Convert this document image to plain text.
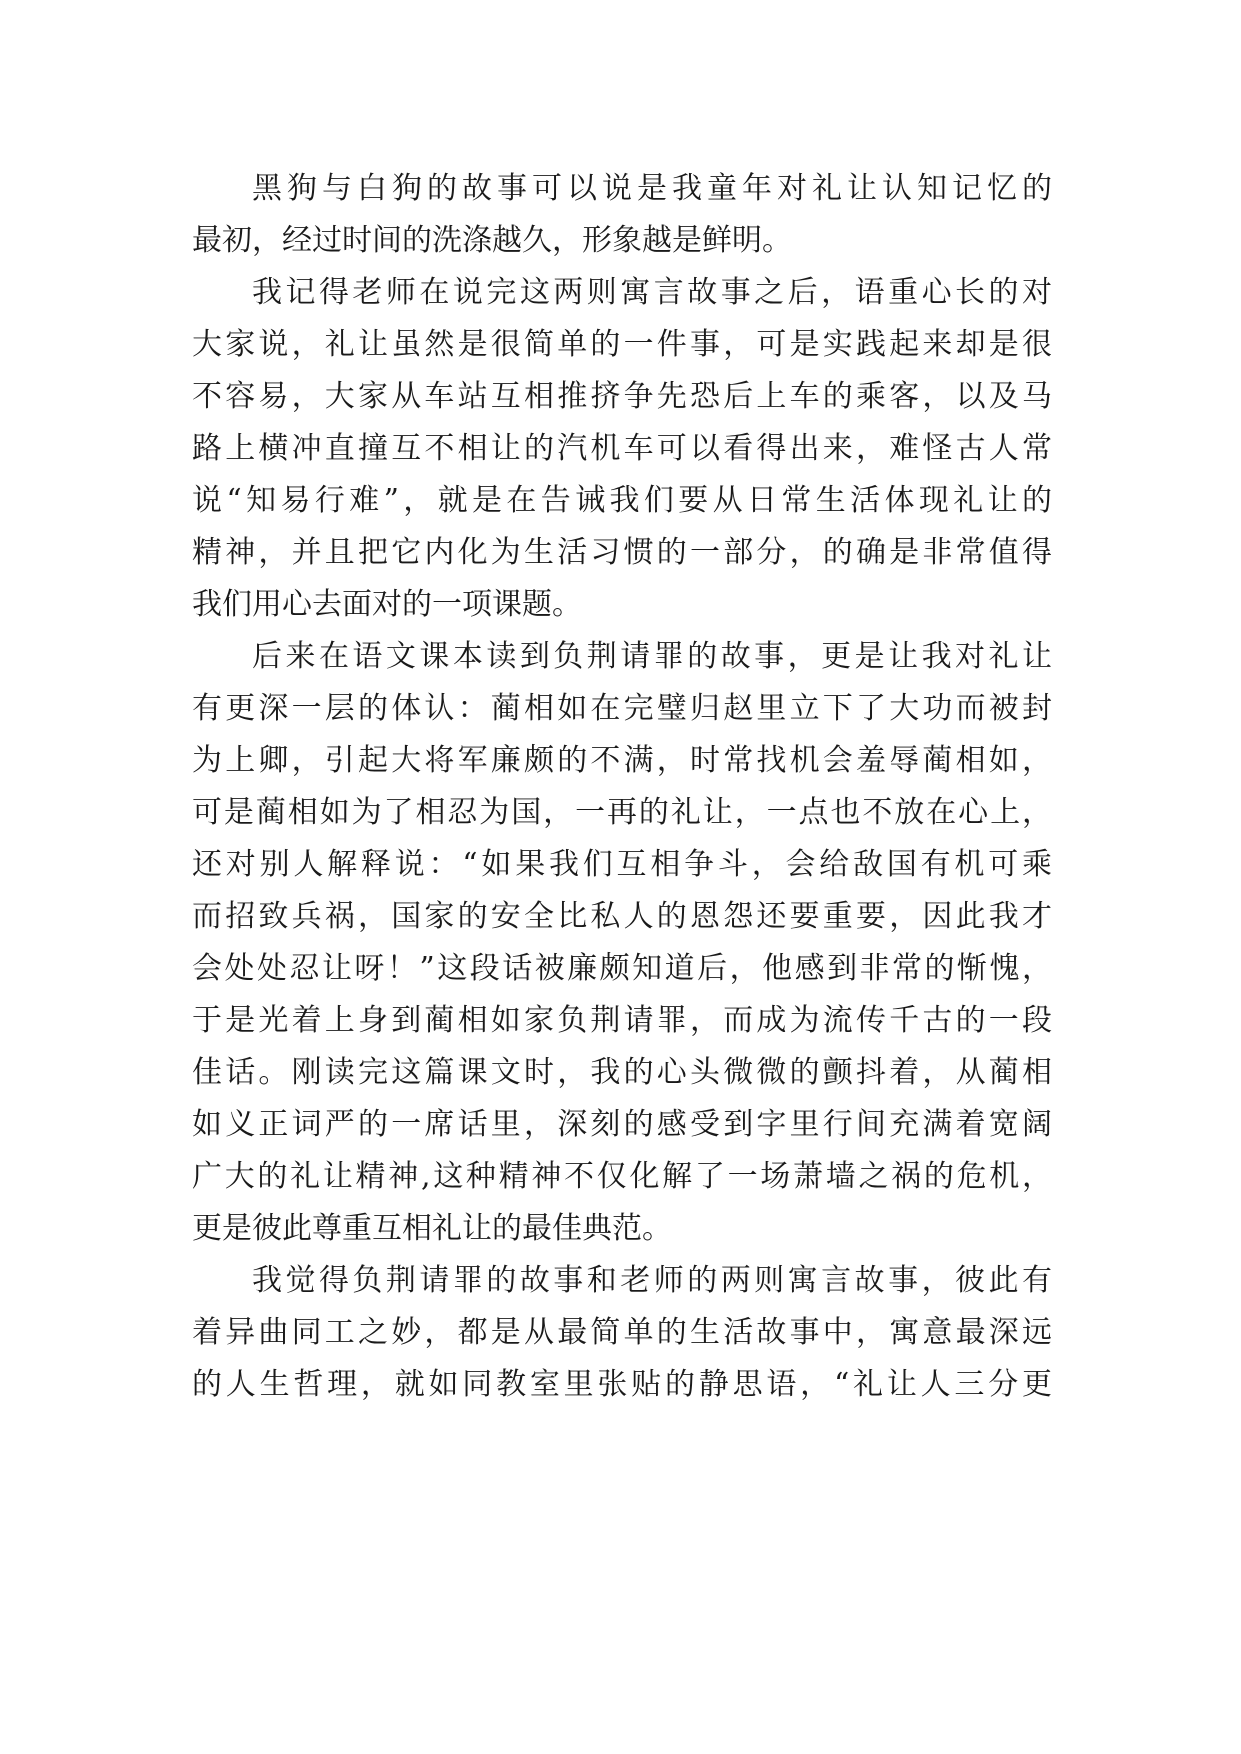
黑狗与白狗的故事可以说是我童年对礼让认知记忆的
最初，经过时间的洗涤越久，形象越是鲜明。
我记得老师在说完这两则寓言故事之后，语重心长的对
大家说，礼让虽然是很简单的一件事，可是实践起来却是很
不容易，大家从车站互相推挤争先恐后上车的乘客，以及马
路上横冲直撞互不相让的汽机车可以看得出来，难怪古人常
说“知易行难”，就是在告诫我们要从日常生活体现礼让的
精神，并且把它内化为生活习惯的一部分，的确是非常值得
我们用心去面对的一项课题。
后来在语文课本读到负荆请罪的故事，更是让我对礼让
有更深一层的体认：蔺相如在完璧归赵里立下了大功而被封
为上卿，引起大将军廉颇的不满，时常找机会羞辱蔺相如，
可是蔺相如为了相忍为国，一再的礼让，一点也不放在心上，
还对别人解释说：“如果我们互相争斗，会给敌国有机可乘
而招致兵祸，国家的安全比私人的恩怨还要重要，因此我才
会处处忍让呀！”这段话被廉颇知道后，他感到非常的惭愧，
于是光着上身到蔺相如家负荆请罪，而成为流传千古的一段
佳话。刚读完这篇课文时，我的心头微微的颤抖着，从蔺相
如义正词严的一席话里，深刻的感受到字里行间充满着宽阔
广大的礼让精神,这种精神不仅化解了一场萧墙之祸的危机，
更是彼此尊重互相礼让的最佳典范。
我觉得负荆请罪的故事和老师的两则寓言故事，彼此有
着异曲同工之妙，都是从最简单的生活故事中，寓意最深远
的人生哲理，就如同教室里张贴的静思语，“礼让人三分更
